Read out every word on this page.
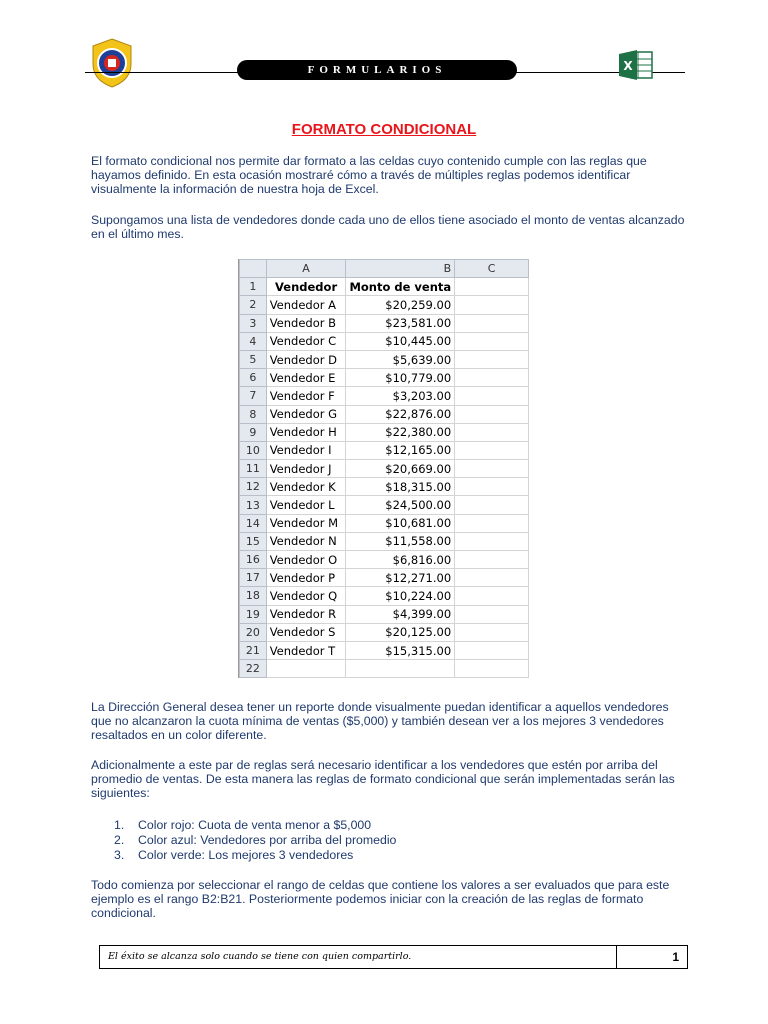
FORMULARIOS	X
FORMATO CONDICIONAL

El formato condicional nos permite dar formato a las celdas cuyo contenido cumple con las reglas que hayamos definido. En esta ocasión mostraré cómo a través de múltiples reglas podemos identificar visualmente la información de nuestra hoja de Excel.

Supongamos una lista de vendedores donde cada uno de ellos tiene asociado el monto de ventas alcanzado en el último mes.

	A	B	C
1	Vendedor	Monto de venta	
2	Vendedor A	$20,259.00	
3	Vendedor B	$23,581.00	
4	Vendedor C	$10,445.00	
5	Vendedor D	$5,639.00	
6	Vendedor E	$10,779.00	
7	Vendedor F	$3,203.00	
8	Vendedor G	$22,876.00	
9	Vendedor H	$22,380.00	
10	Vendedor I	$12,165.00	
11	Vendedor J	$20,669.00	
12	Vendedor K	$18,315.00	
13	Vendedor L	$24,500.00	
14	Vendedor M	$10,681.00	
15	Vendedor N	$11,558.00	
16	Vendedor O	$6,816.00	
17	Vendedor P	$12,271.00	
18	Vendedor Q	$10,224.00	
19	Vendedor R	$4,399.00	
20	Vendedor S	$20,125.00	
21	Vendedor T	$15,315.00	
22			

La Dirección General desea tener un reporte donde visualmente puedan identificar a aquellos vendedores que no alcanzaron la cuota mínima de ventas ($5,000) y también desean ver a los mejores 3 vendedores resaltados en un color diferente.

Adicionalmente a este par de reglas será necesario identificar a los vendedores que estén por arriba del promedio de ventas. De esta manera las reglas de formato condicional que serán implementadas serán las siguientes:

1.	Color rojo: Cuota de venta menor a $5,000
2.	Color azul: Vendedores por arriba del promedio
3.	Color verde: Los mejores 3 vendedores

Todo comienza por seleccionar el rango de celdas que contiene los valores a ser evaluados que para este ejemplo es el rango B2:B21. Posteriormente podemos iniciar con la creación de las reglas de formato condicional.

El éxito se alcanza solo cuando se tiene con quien compartirlo.	1
